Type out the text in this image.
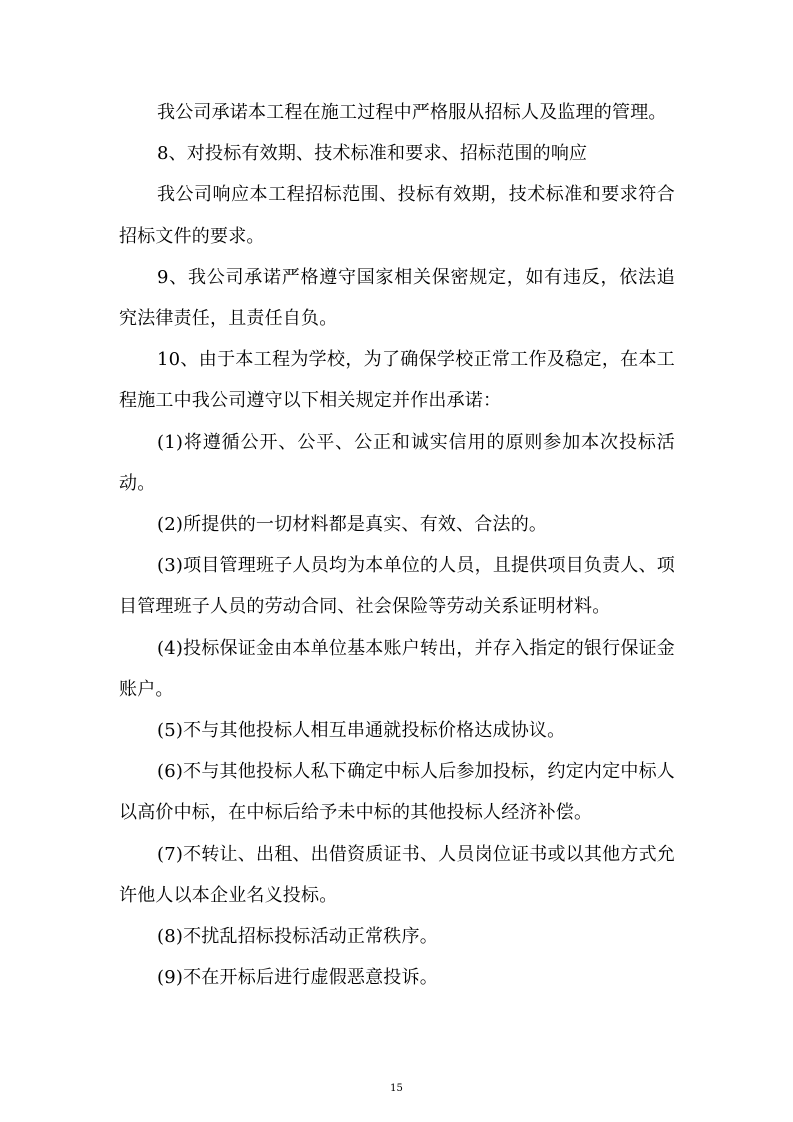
我公司承诺本工程在施工过程中严格服从招标人及监理的管理。

8、对投标有效期、技术标准和要求、招标范围的响应

我公司响应本工程招标范围、投标有效期，技术标准和要求符合招标文件的要求。

9、我公司承诺严格遵守国家相关保密规定，如有违反，依法追究法律责任，且责任自负。

10、由于本工程为学校，为了确保学校正常工作及稳定，在本工程施工中我公司遵守以下相关规定并作出承诺：

(1)将遵循公开、公平、公正和诚实信用的原则参加本次投标活动。

(2)所提供的一切材料都是真实、有效、合法的。

(3)项目管理班子人员均为本单位的人员，且提供项目负责人、项目管理班子人员的劳动合同、社会保险等劳动关系证明材料。

(4)投标保证金由本单位基本账户转出，并存入指定的银行保证金账户。

(5)不与其他投标人相互串通就投标价格达成协议。

(6)不与其他投标人私下确定中标人后参加投标，约定内定中标人以高价中标，在中标后给予未中标的其他投标人经济补偿。

(7)不转让、出租、出借资质证书、人员岗位证书或以其他方式允许他人以本企业名义投标。

(8)不扰乱招标投标活动正常秩序。

(9)不在开标后进行虚假恶意投诉。

15
